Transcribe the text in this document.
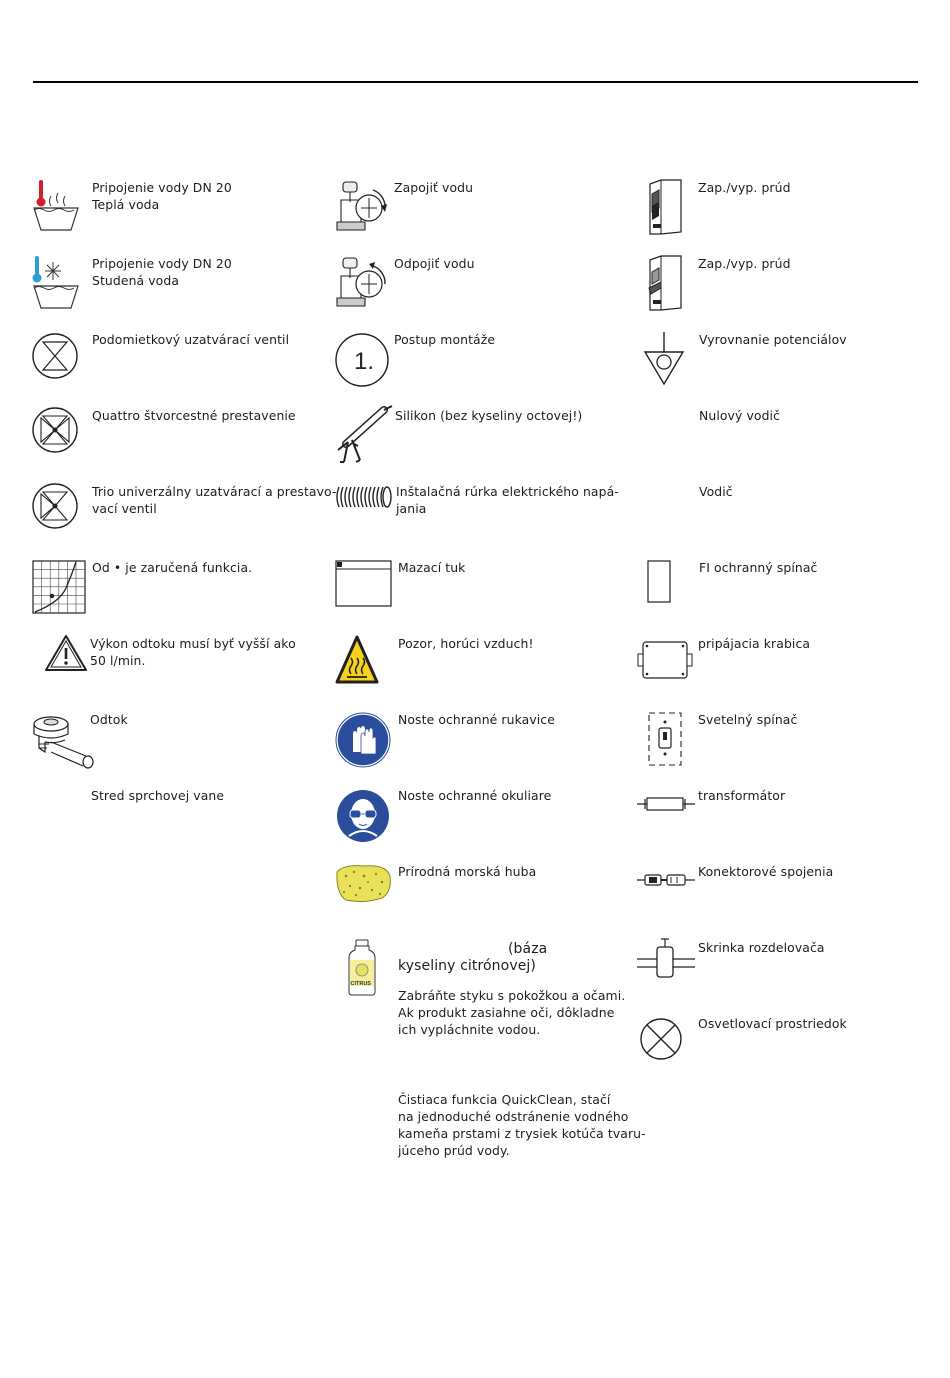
Pripojenie vody DN 20
Teplá voda
Pripojenie vody DN 20
Studená voda
Podomietkový uzatvárací ventil
Quattro štvorcestné prestavenie
Trio univerzálny uzatvárací a prestavo-
vací ventil
Od • je zaručená funkcia.
Výkon odtoku musí byť vyšší ako
50 l/min.
Odtok
Stred sprchovej vane
Zapojiť vodu
Odpojiť vodu
1.
Postup montáže
Silikon (bez kyseliny octovej!)
Inštalačná rúrka elektrického napá-
jania
Mazací tuk
Pozor, horúci vzduch!
Noste ochranné rukavice
Noste ochranné okuliare
Prírodná morská huba
CITRUS
(báza kyseliny citrónovej)
Zabráňte styku s pokožkou a očami.
Ak produkt zasiahne oči, dôkladne
ich vypláchnite vodou.
Čistiaca funkcia QuickClean, stačí
na jednoduché odstránenie vodného
kameňa prstami z trysiek kotúča tvaru-
júceho prúd vody.
Zap./vyp. prúd
Zap./vyp. prúd
Vyrovnanie potenciálov
Nulový vodič
Vodič
FI ochranný spínač
pripájacia krabica
Svetelný spínač
transformátor
Konektorové spojenia
Skrinka rozdelovača
Osvetlovací prostriedok
